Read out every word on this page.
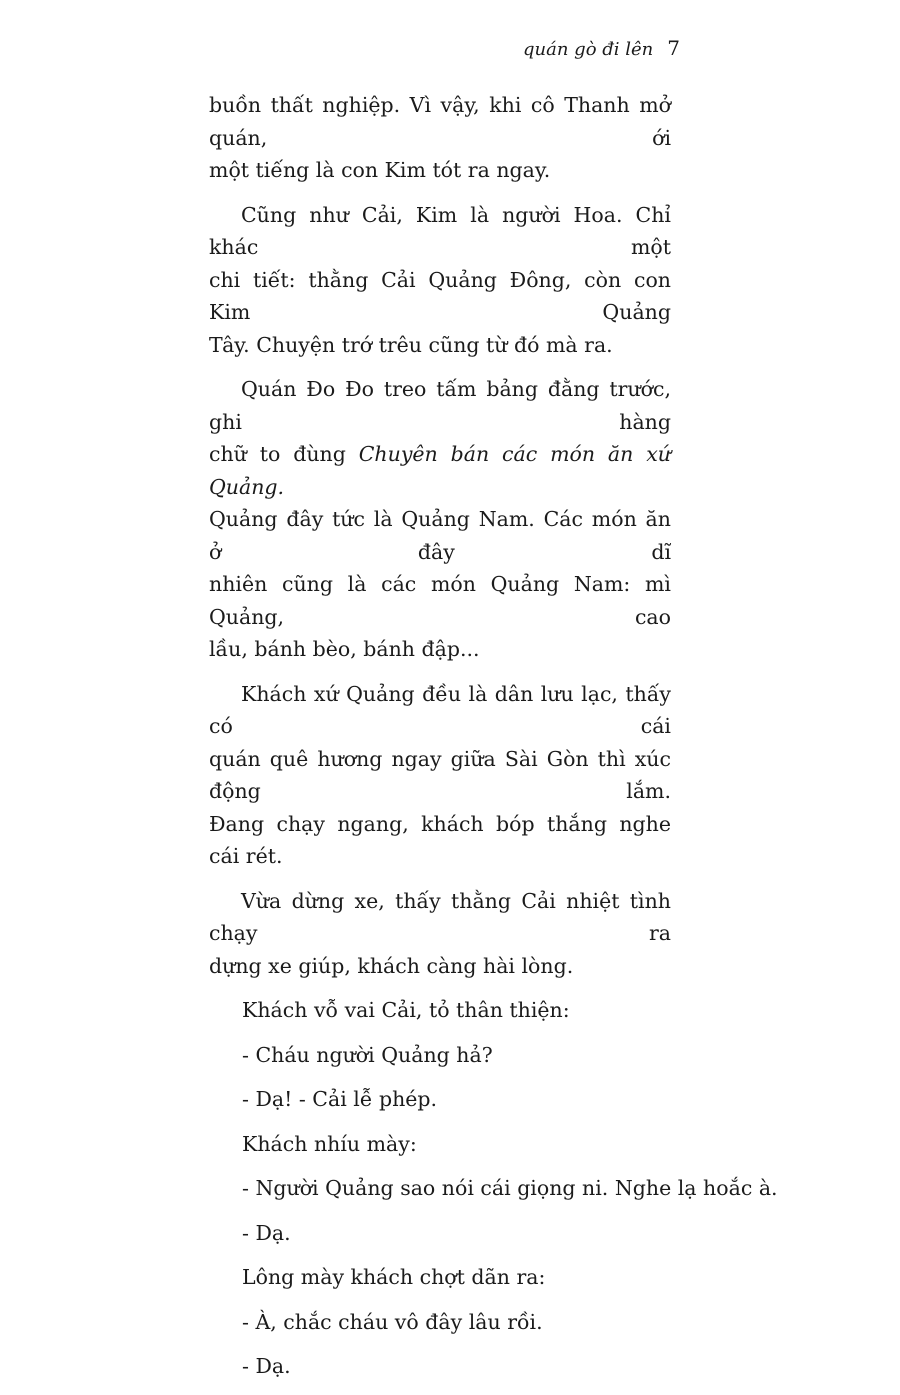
quán gò đi lên 7

buồn thất nghiệp. Vì vậy, khi cô Thanh mở quán, ới
một tiếng là con Kim tót ra ngay.

Cũng như Cải, Kim là người Hoa. Chỉ khác một
chi tiết: thằng Cải Quảng Đông, còn con Kim Quảng
Tây. Chuyện trớ trêu cũng từ đó mà ra.

Quán Đo Đo treo tấm bảng đằng trước, ghi hàng
chữ to đùng Chuyên bán các món ăn xứ Quảng.
Quảng đây tức là Quảng Nam. Các món ăn ở đây dĩ
nhiên cũng là các món Quảng Nam: mì Quảng, cao
lầu, bánh bèo, bánh đập...

Khách xứ Quảng đều là dân lưu lạc, thấy có cái
quán quê hương ngay giữa Sài Gòn thì xúc động lắm.
Đang chạy ngang, khách bóp thắng nghe cái rét.

Vừa dừng xe, thấy thằng Cải nhiệt tình chạy ra
dựng xe giúp, khách càng hài lòng.

Khách vỗ vai Cải, tỏ thân thiện:

- Cháu người Quảng hả?

- Dạ! - Cải lễ phép.

Khách nhíu mày:

- Người Quảng sao nói cái giọng ni. Nghe lạ hoắc à.

- Dạ.

Lông mày khách chợt dãn ra:

- À, chắc cháu vô đây lâu rồi.

- Dạ.
